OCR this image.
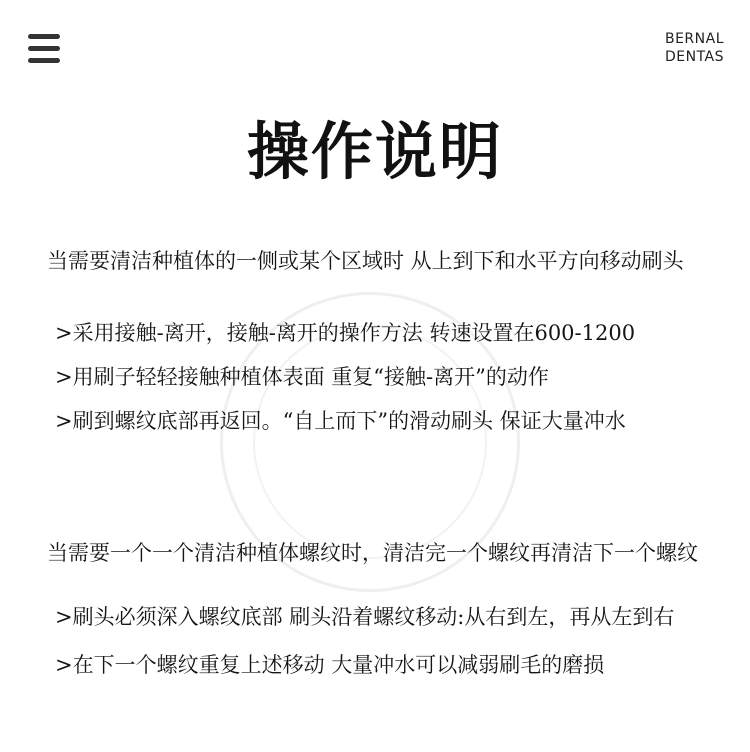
BERNAL
DENTAS
操作说明
当需要清洁种植体的一侧或某个区域时 从上到下和水平方向移动刷头
>采用接触-离开，接触-离开的操作方法 转速设置在600-1200
>用刷子轻轻接触种植体表面 重复“接触-离开”的动作
>刷到螺纹底部再返回。“自上而下”的滑动刷头 保证大量冲水
当需要一个一个清洁种植体螺纹时，清洁完一个螺纹再清洁下一个螺纹
>刷头必须深入螺纹底部 刷头沿着螺纹移动:从右到左，再从左到右
>在下一个螺纹重复上述移动 大量冲水可以减弱刷毛的磨损
